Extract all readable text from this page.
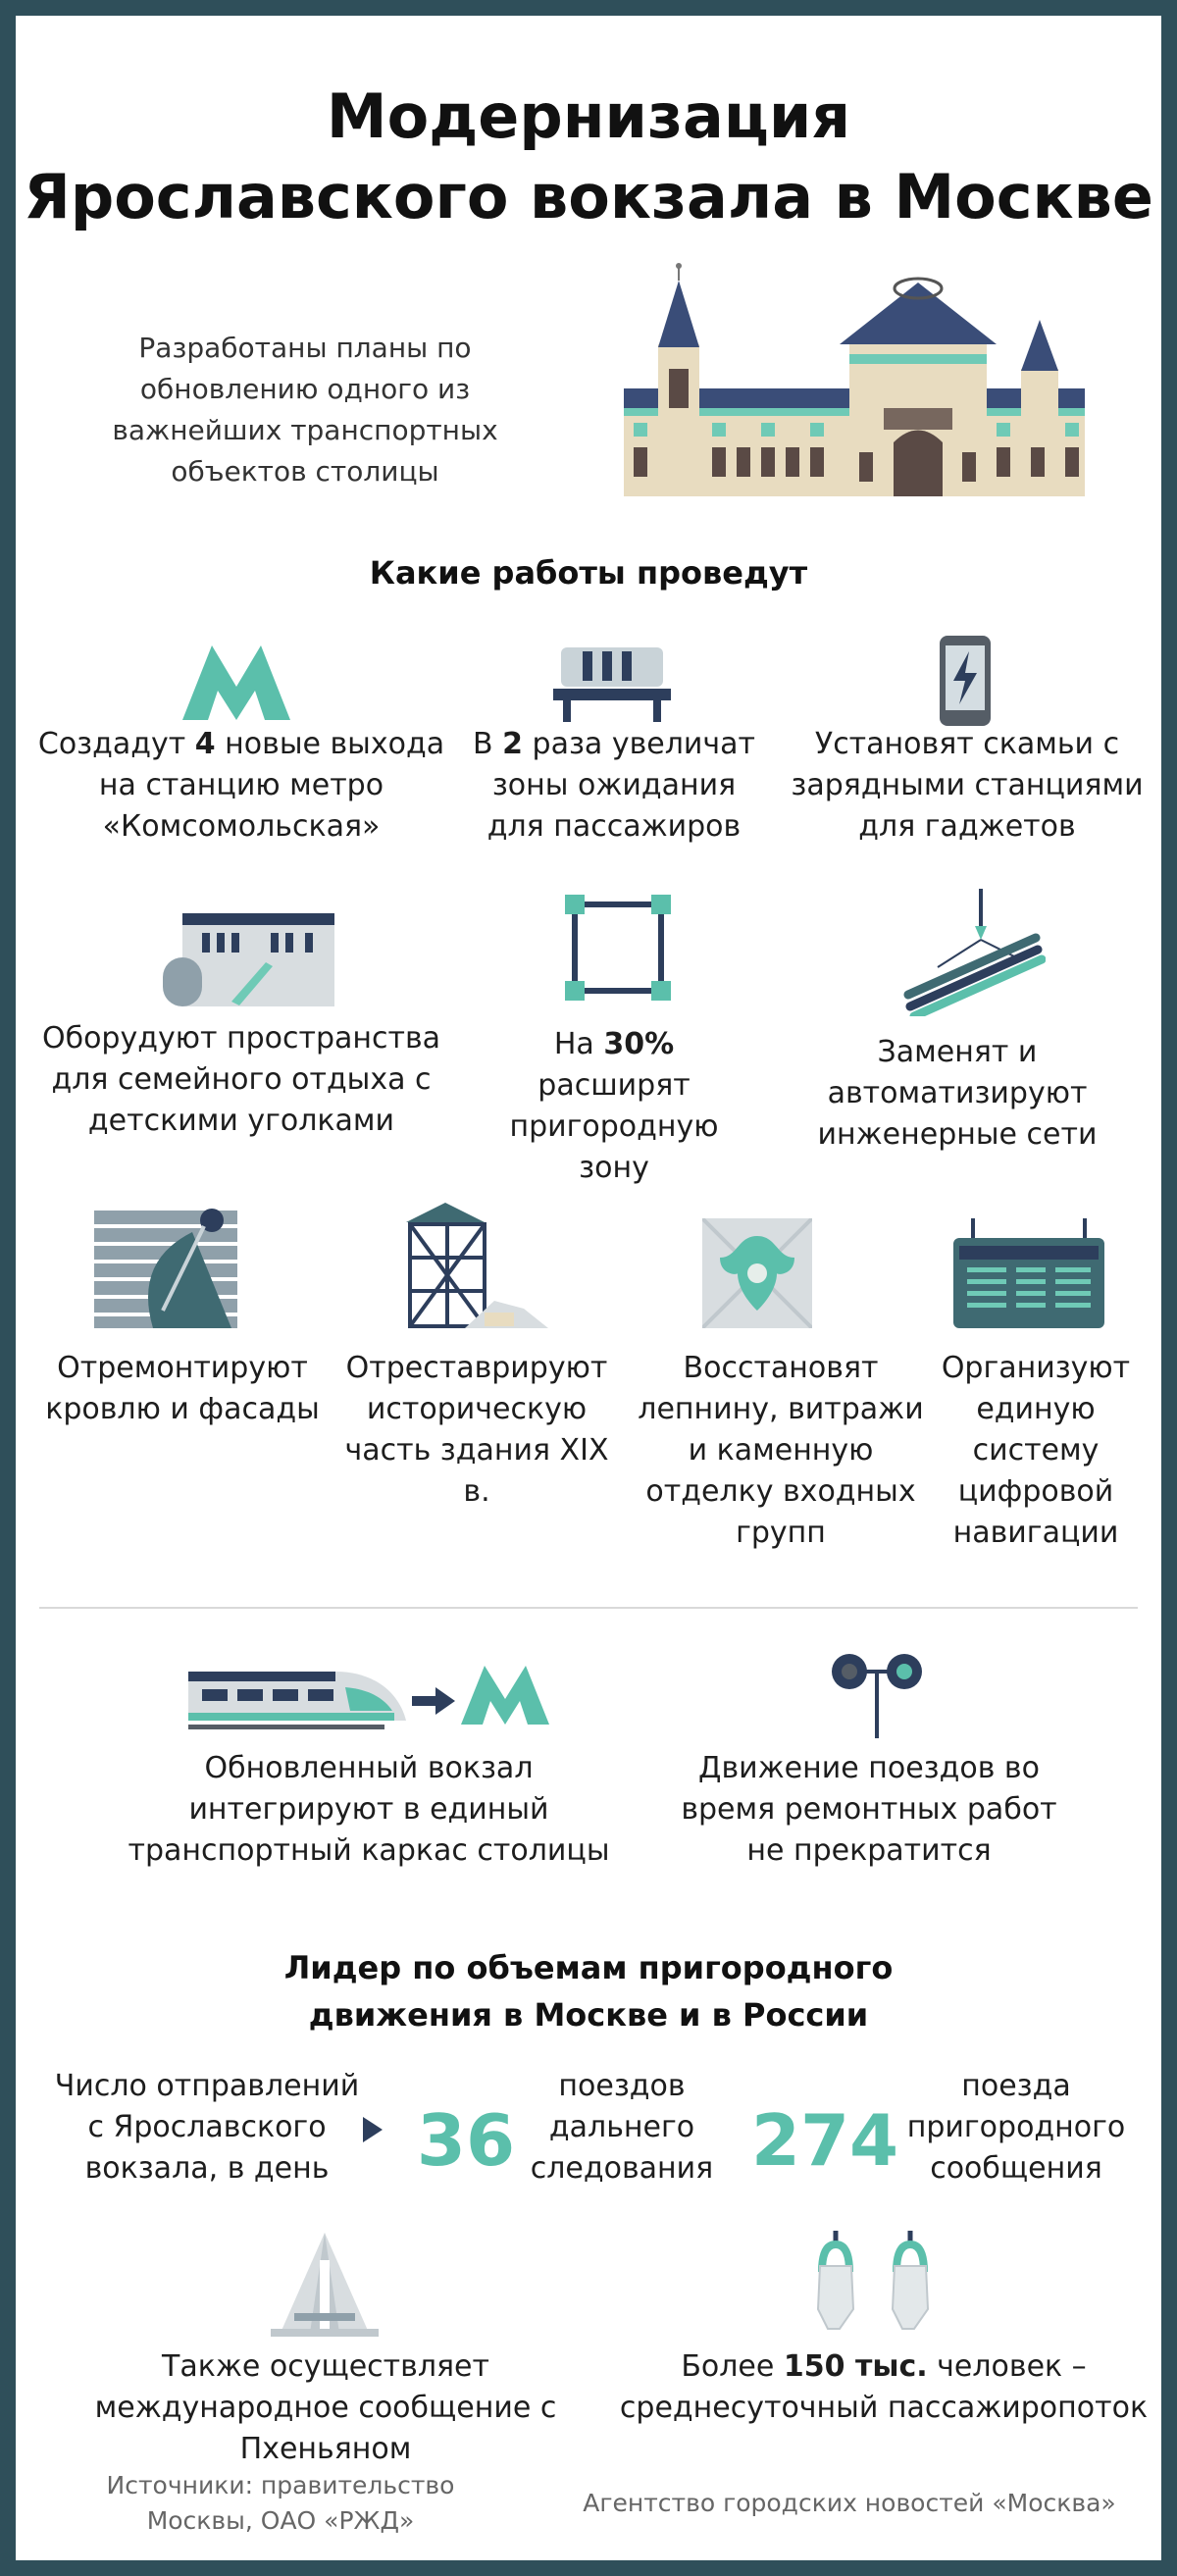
Модернизация
Ярославского вокзала в Москве
Разработаны планы по обновлению одного из важнейших транспортных объектов столицы
Какие работы проведут
Создадут 4 новые выхода на станцию метро «Комсомольская»
В 2 раза увеличат зоны ожидания для пассажиров
Установят скамьи с зарядными станциями для гаджетов
Оборудуют пространства для семейного отдыха с детскими уголками
На 30% расширят пригородную зону
Заменят и автоматизируют инженерные сети
Отремонтируют кровлю и фасады
Отреставрируют историческую часть здания XIX в.
Восстановят лепнину, витражи и каменную отделку входных групп
Организуют единую систему цифровой навигации
Обновленный вокзал интегрируют в единый транспортный каркас столицы
Движение поездов во время ремонтных работ не прекратится
Лидер по объемам пригородного
движения в Москве и в России
Число отправлений с Ярославского вокзала, в день	36
поездов дальнего следования 274
поезда пригородного сообщения
Также осуществляет международное сообщение с Пхеньяном
Более 150 тыс. человек – среднесуточный пассажиропоток
Источники: правительство Москвы, ОАО «РЖД»
Агентство городских новостей «Москва»
